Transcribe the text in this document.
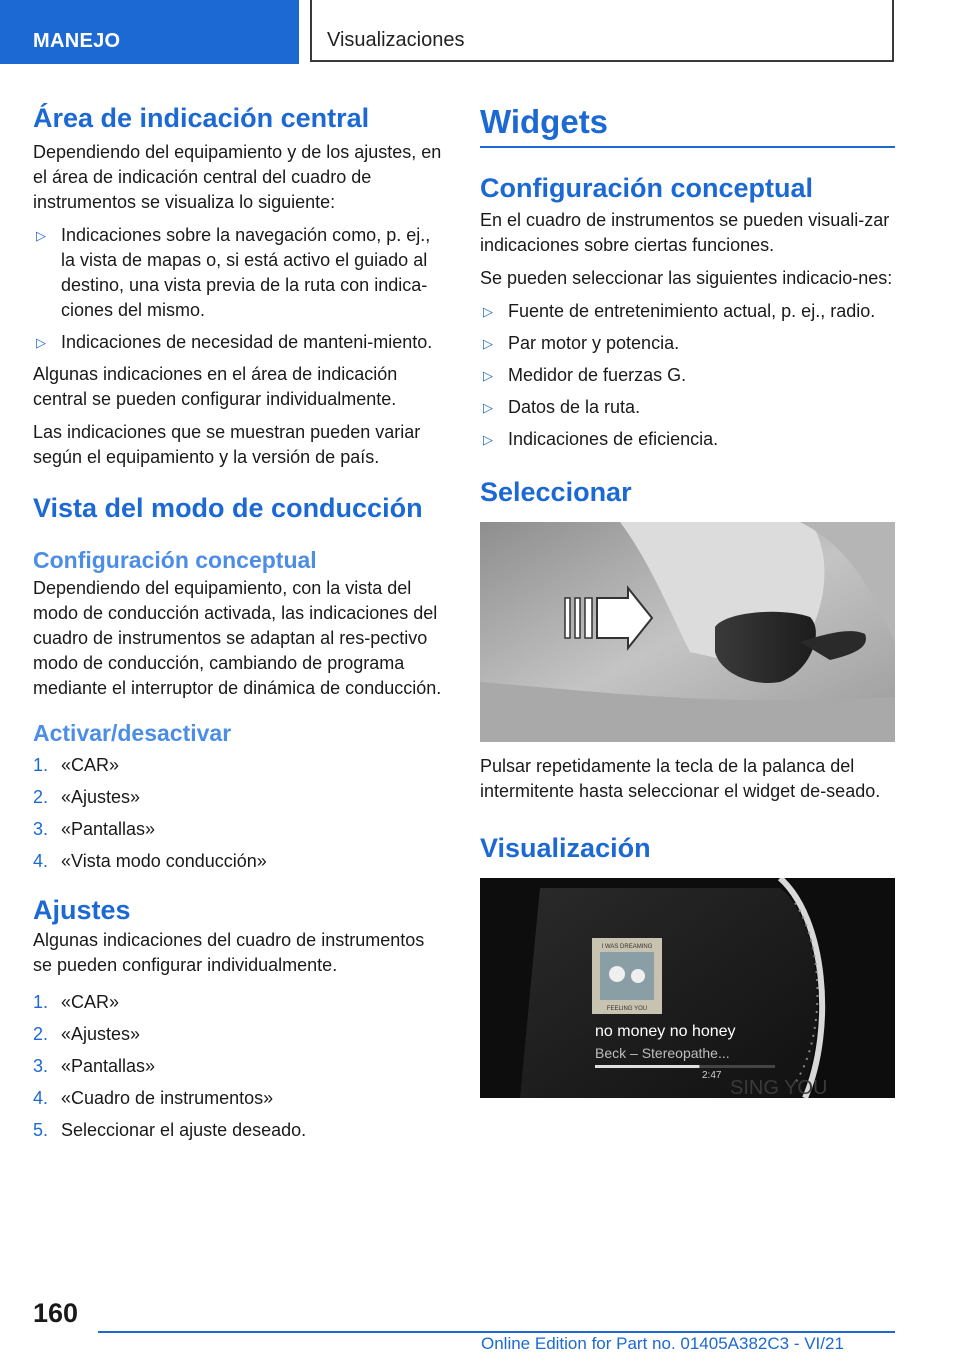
MANEJO	Visualizaciones
Área de indicación central

Dependiendo del equipamiento y de los ajustes, en el área de indicación central del cuadro de instrumentos se visualiza lo siguiente:

▷ Indicaciones sobre la navegación como, p. ej., la vista de mapas o, si está activo el guiado al destino, una vista previa de la ruta con indica‐ciones del mismo.
▷ Indicaciones de necesidad de manteni‐miento.

Algunas indicaciones en el área de indicación central se pueden configurar individualmente.

Las indicaciones que se muestran pueden variar según el equipamiento y la versión de país.

Vista del modo de conducción
Configuración conceptual

Dependiendo del equipamiento, con la vista del modo de conducción activada, las indicaciones del cuadro de instrumentos se adaptan al res‐pectivo modo de conducción, cambiando de programa mediante el interruptor de dinámica de conducción.

Activar/desactivar
1. «CAR»
2. «Ajustes»
3. «Pantallas»
4. «Vista modo conducción»
Ajustes

Algunas indicaciones del cuadro de instrumentos se pueden configurar individualmente.

1. «CAR»
2. «Ajustes»
3. «Pantallas»
4. «Cuadro de instrumentos»
5. Seleccionar el ajuste deseado.
Widgets
Configuración conceptual

En el cuadro de instrumentos se pueden visuali‐zar indicaciones sobre ciertas funciones.

Se pueden seleccionar las siguientes indicacio‐nes:

▷ Fuente de entretenimiento actual, p. ej., radio.
▷ Par motor y potencia.
▷ Medidor de fuerzas G.
▷ Datos de la ruta.
▷ Indicaciones de eficiencia.
Seleccionar

Pulsar repetidamente la tecla de la palanca del intermitente hasta seleccionar el widget de‐seado.

Visualización
I WAS DREAMING
FEELING YOU
no money no honey
Beck – Stereopathe...
2:47
SING YOU
160
Online Edition for Part no. 01405A382C3 - VI/21
